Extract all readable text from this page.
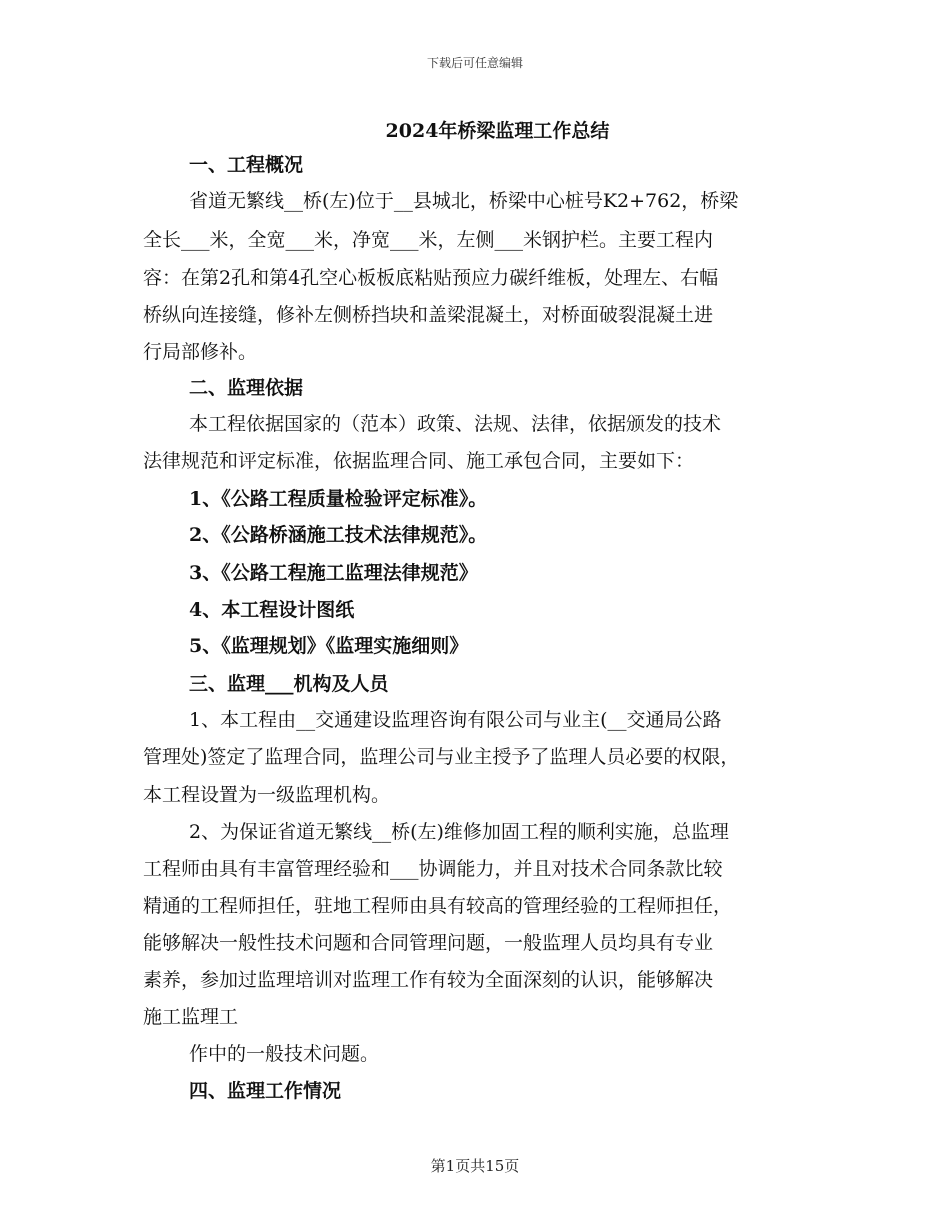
下载后可任意编辑
2024年桥梁监理工作总结
一、工程概况
省道无繁线__桥(左)位于__县城北，桥梁中心桩号K2+762，桥梁
全长___米，全宽___米，净宽___米，左侧___米钢护栏。主要工程内
容：在第2孔和第4孔空心板板底粘贴预应力碳纤维板，处理左、右幅
桥纵向连接缝，修补左侧桥挡块和盖梁混凝土，对桥面破裂混凝土进
行局部修补。
二、监理依据
本工程依据国家的（范本）政策、法规、法律，依据颁发的技术
法律规范和评定标准，依据监理合同、施工承包合同，主要如下：
1、《公路工程质量检验评定标准》。
2、《公路桥涵施工技术法律规范》。
3、《公路工程施工监理法律规范》
4、本工程设计图纸
5、《监理规划》《监理实施细则》
三、监理___机构及人员
1、本工程由__交通建设监理咨询有限公司与业主(__交通局公路
管理处)签定了监理合同，监理公司与业主授予了监理人员必要的权限，
本工程设置为一级监理机构。
2、为保证省道无繁线__桥(左)维修加固工程的顺利实施，总监理
工程师由具有丰富管理经验和___协调能力，并且对技术合同条款比较
精通的工程师担任，驻地工程师由具有较高的管理经验的工程师担任，
能够解决一般性技术问题和合同管理问题，一般监理人员均具有专业
素养，参加过监理培训对监理工作有较为全面深刻的认识，能够解决
施工监理工
作中的一般技术问题。
四、监理工作情况
第1页共15页
